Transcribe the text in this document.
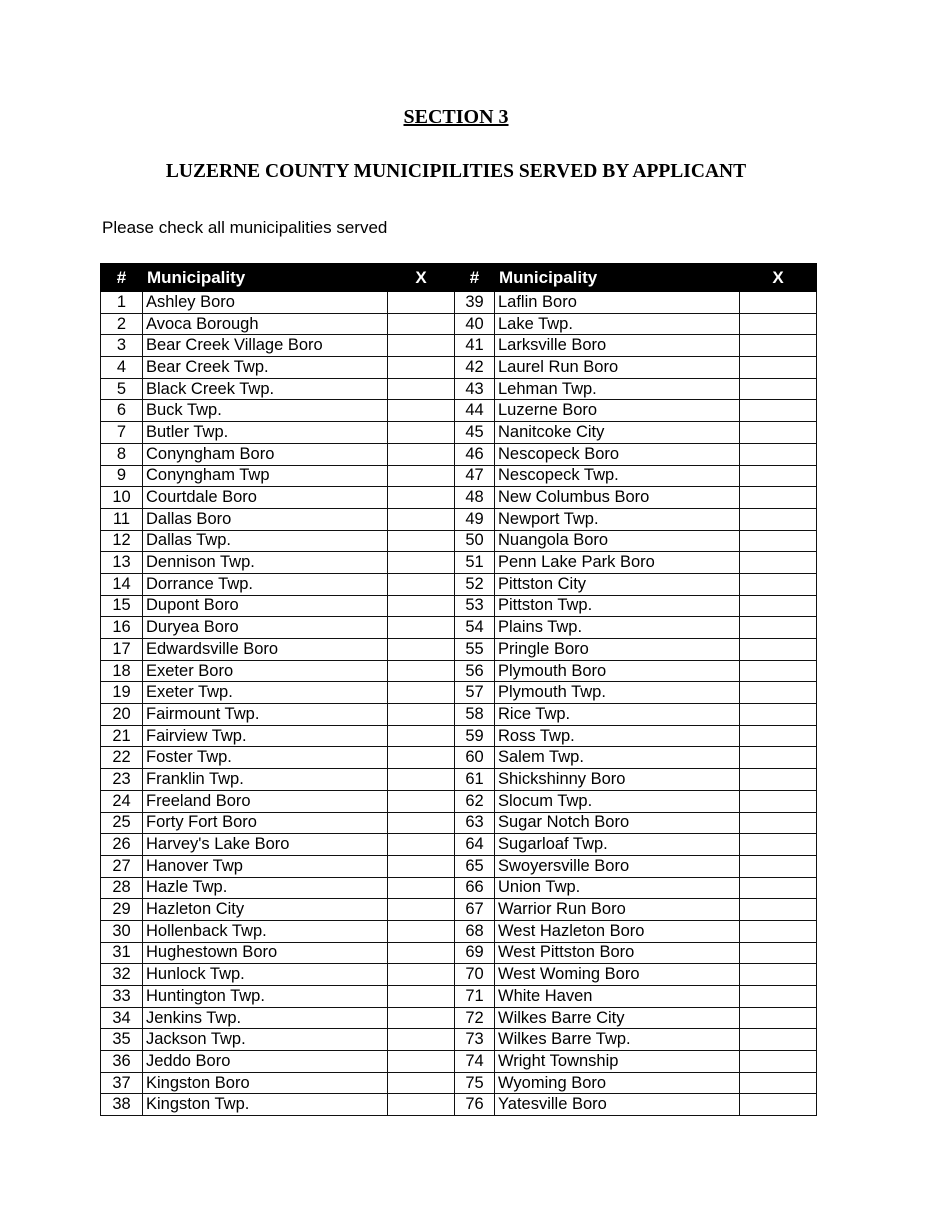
SECTION 3
LUZERNE COUNTY MUNICIPILITIES SERVED BY APPLICANT
Please check all municipalities served
#	Municipality	X	#	Municipality	X
1	Ashley Boro		39	Laflin Boro	
2	Avoca Borough		40	Lake Twp.	
3	Bear Creek Village Boro		41	Larksville Boro	
4	Bear Creek Twp.		42	Laurel Run Boro	
5	Black Creek Twp.		43	Lehman Twp.	
6	Buck Twp.		44	Luzerne Boro	
7	Butler Twp.		45	Nanitcoke City	
8	Conyngham Boro		46	Nescopeck Boro	
9	Conyngham Twp		47	Nescopeck Twp.	
10	Courtdale Boro		48	New Columbus Boro	
11	Dallas Boro		49	Newport Twp.	
12	Dallas Twp.		50	Nuangola Boro	
13	Dennison Twp.		51	Penn Lake Park Boro	
14	Dorrance Twp.		52	Pittston City	
15	Dupont Boro		53	Pittston Twp.	
16	Duryea Boro		54	Plains Twp.	
17	Edwardsville Boro		55	Pringle Boro	
18	Exeter Boro		56	Plymouth Boro	
19	Exeter Twp.		57	Plymouth Twp.	
20	Fairmount Twp.		58	Rice Twp.	
21	Fairview Twp.		59	Ross Twp.	
22	Foster Twp.		60	Salem Twp.	
23	Franklin Twp.		61	Shickshinny Boro	
24	Freeland Boro		62	Slocum Twp.	
25	Forty Fort Boro		63	Sugar Notch Boro	
26	Harvey's Lake Boro		64	Sugarloaf Twp.	
27	Hanover Twp		65	Swoyersville Boro	
28	Hazle Twp.		66	Union Twp.	
29	Hazleton City		67	Warrior Run Boro	
30	Hollenback Twp.		68	West Hazleton Boro	
31	Hughestown Boro		69	West Pittston Boro	
32	Hunlock Twp.		70	West Woming Boro	
33	Huntington Twp.		71	White Haven	
34	Jenkins Twp.		72	Wilkes Barre City	
35	Jackson Twp.		73	Wilkes Barre Twp.	
36	Jeddo Boro		74	Wright Township	
37	Kingston Boro		75	Wyoming Boro	
38	Kingston Twp.		76	Yatesville Boro	
